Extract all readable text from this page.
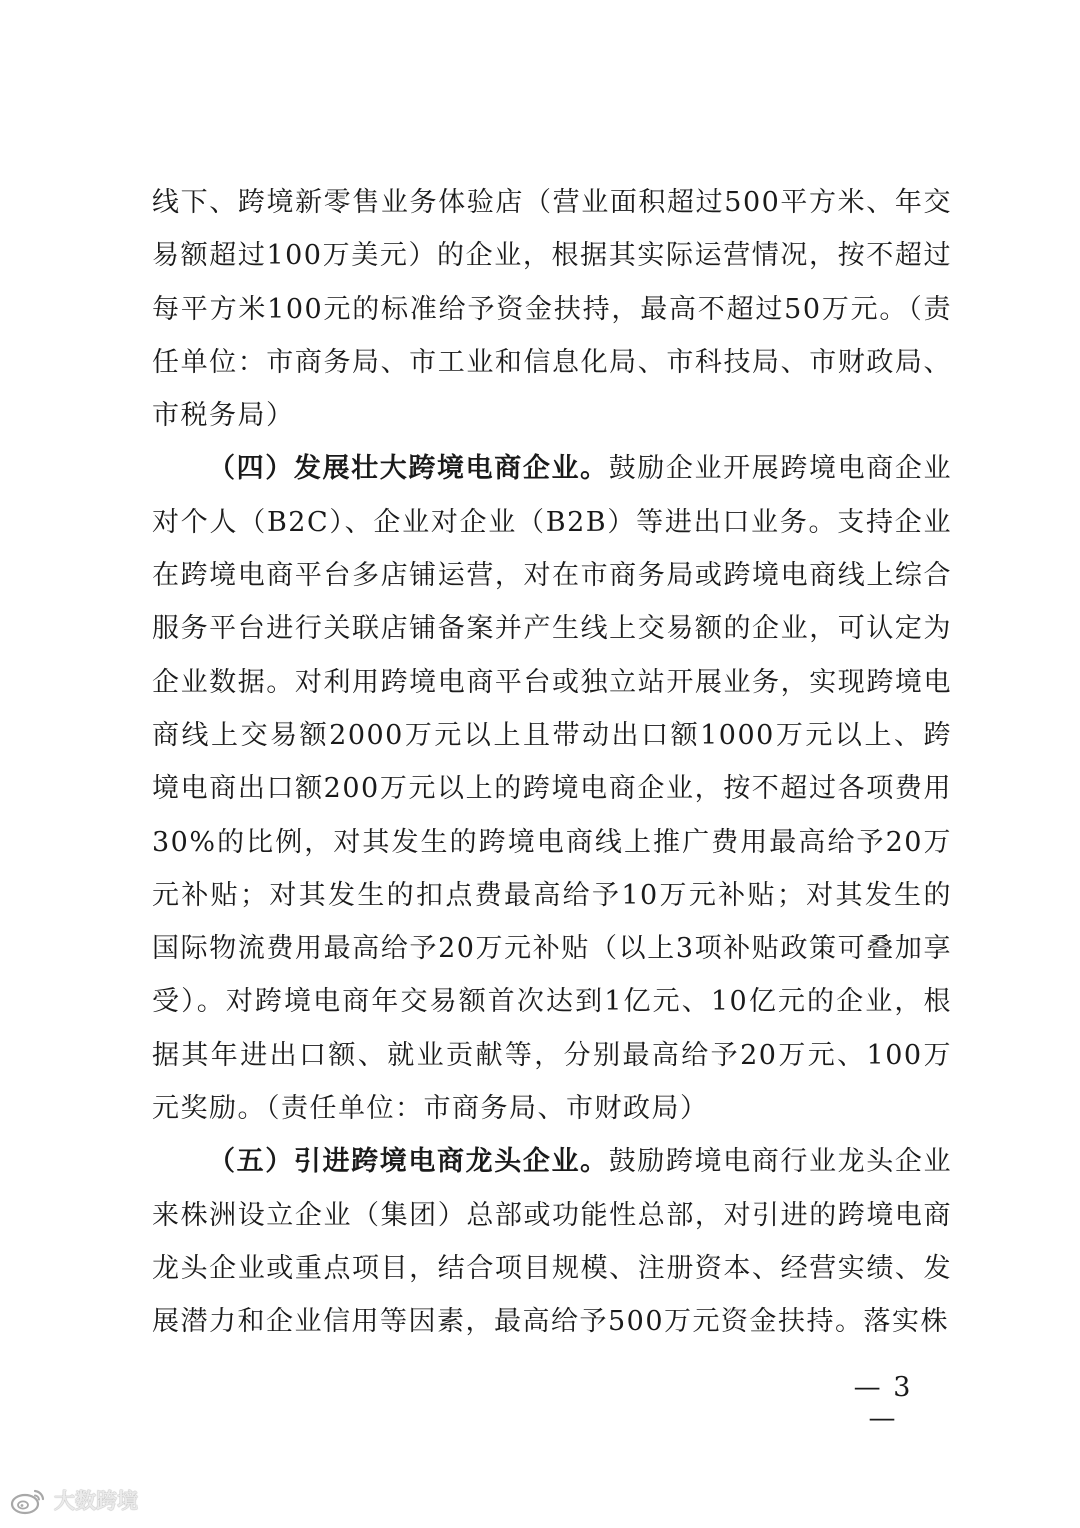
线下、跨境新零售业务体验店（营业面积超过500平方米、年交易额超过100万美元）的企业，根据其实际运营情况，按不超过每平方米100元的标准给予资金扶持，最高不超过50万元。（责任单位：市商务局、市工业和信息化局、市科技局、市财政局、市税务局）

（四）发展壮大跨境电商企业。鼓励企业开展跨境电商企业对个人（B2C）、企业对企业（B2B）等进出口业务。支持企业在跨境电商平台多店铺运营，对在市商务局或跨境电商线上综合服务平台进行关联店铺备案并产生线上交易额的企业，可认定为企业数据。对利用跨境电商平台或独立站开展业务，实现跨境电商线上交易额2000万元以上且带动出口额1000万元以上、跨境电商出口额200万元以上的跨境电商企业，按不超过各项费用30%的比例，对其发生的跨境电商线上推广费用最高给予20万元补贴；对其发生的扣点费最高给予10万元补贴；对其发生的国际物流费用最高给予20万元补贴（以上3项补贴政策可叠加享受）。对跨境电商年交易额首次达到1亿元、10亿元的企业，根据其年进出口额、就业贡献等，分别最高给予20万元、100万元奖励。（责任单位：市商务局、市财政局）

（五）引进跨境电商龙头企业。鼓励跨境电商行业龙头企业来株洲设立企业（集团）总部或功能性总部，对引进的跨境电商龙头企业或重点项目，结合项目规模、注册资本、经营实绩、发展潜力和企业信用等因素，最高给予500万元资金扶持。落实株

— 3 —
大数跨境
